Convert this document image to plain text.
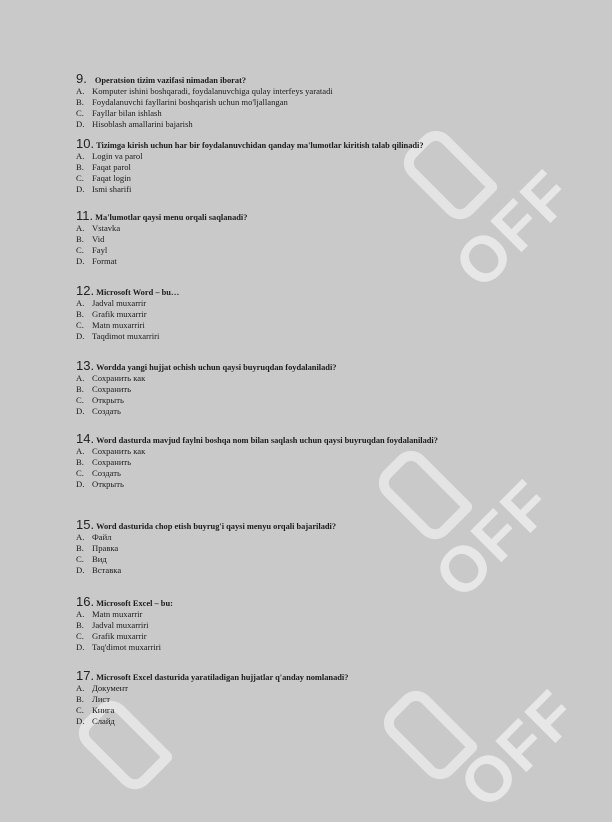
OFF
OFF
OFF
9. Operatsion tizim vazifasi nimadan iborat?
A. Komputer ishini boshqaradi, foydalanuvchiga qulay interfeys yaratadi
B. Foydalanuvchi fayllarini boshqarish uchun mo'ljallangan
C. Fayllar bilan ishlash
D. Hisoblash amallarini bajarish
10. Tizimga kirish uchun har bir foydalanuvchidan qanday ma'lumotlar kiritish talab qilinadi?
A. Login va parol
B. Faqat parol
C. Faqat login
D. Ismi sharifi
11. Ma'lumotlar qaysi menu orqali saqlanadi?
A. Vstavka
B. Vid
C. Fayl
D. Format
12. Microsoft Word – bu…
A. Jadval muxarrir
B. Grafik muxarrir
C. Matn muxarriri
D. Taqdimot muxarriri
13. Wordda yangi hujjat ochish uchun qaysi buyruqdan foydalaniladi?
A. Сохранить как
B. Сохранить
C. Открыть
D. Создать
14. Word dasturda mavjud faylni boshqa nom bilan saqlash uchun qaysi buyruqdan foydalaniladi?
A. Сохранить как
B. Сохранить
C. Создать
D. Открыть
15. Word dasturida chop etish buyrug'i qaysi menyu orqali bajariladi?
A. Файл
B. Правка
C. Вид
D. Вставка
16. Microsoft Excel – bu:
A. Matn muxarrir
B. Jadval muxarriri
C. Grafik muxarrir
D. Taq'dimot muxarriri
17. Microsoft Excel dasturida yaratiladigan hujjatlar q'anday nomlanadi?
A. Документ
B. Лист
C. Книга
D. Слайд
